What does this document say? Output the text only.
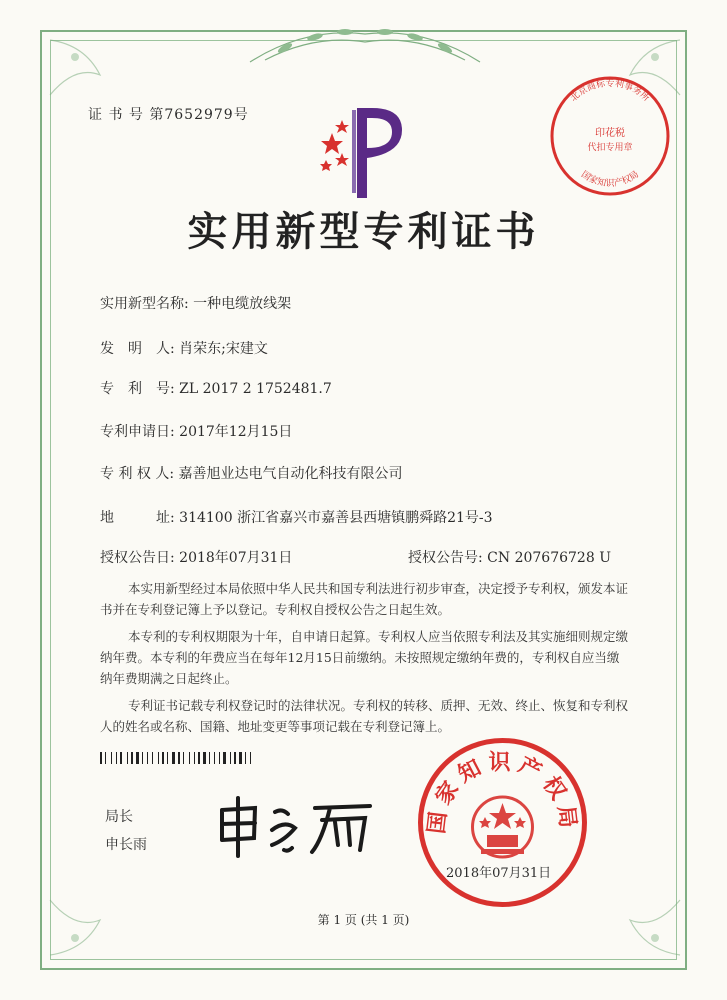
证 书 号 第7652979号
北京商标专利事务所
印花税
代扣专用章
国家知识产权局
实用新型专利证书
实用新型名称: 一种电缆放线架
发　明　人: 肖荣东;宋建文
专　利　号: ZL 2017 2 1752481.7
专利申请日: 2017年12月15日
专 利 权 人: 嘉善旭业达电气自动化科技有限公司
地　　　址: 314100 浙江省嘉兴市嘉善县西塘镇鹏舜路21号-3
授权公告日: 2018年07月31日	授权公告号: CN 207676728 U

本实用新型经过本局依照中华人民共和国专利法进行初步审查，决定授予专利权，颁发本证书并在专利登记簿上予以登记。专利权自授权公告之日起生效。

本专利的专利权期限为十年，自申请日起算。专利权人应当依照专利法及其实施细则规定缴纳年费。本专利的年费应当在每年12月15日前缴纳。未按照规定缴纳年费的，专利权自应当缴纳年费期满之日起终止。

专利证书记载专利权登记时的法律状况。专利权的转移、质押、无效、终止、恢复和专利权人的姓名或名称、国籍、地址变更等事项记载在专利登记簿上。

局长
申长雨
国家知识产权局
2018年07月31日
第 1 页 (共 1 页)
